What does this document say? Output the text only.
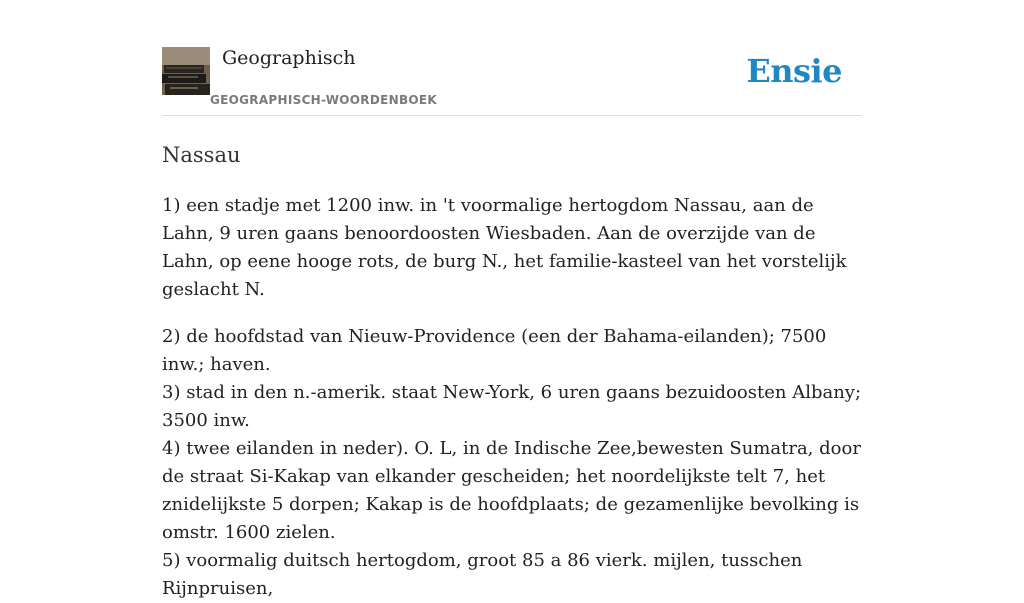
Geographisch
GEOGRAPHISCH-WOORDENBOEK
Ensie
Nassau

1) een stadje met 1200 inw. in 't voormalige hertogdom Nassau, aan de Lahn, 9 uren gaans benoordoosten Wiesbaden. Aan de overzijde van de Lahn, op eene hooge rots, de burg N., het familie-kasteel van het vorstelijk geslacht N.

2) de hoofdstad van Nieuw-Providence (een der Bahama-eilanden); 7500 inw.; haven.

3) stad in den n.-amerik. staat New-York, 6 uren gaans bezuidoosten Albany; 3500 inw.

4) twee eilanden in neder). O. L, in de Indische Zee,bewesten Sumatra, door de straat Si-Kakap van elkander gescheiden; het noordelijkste telt 7, het znidelijkste 5 dorpen; Kakap is de hoofdplaats; de gezamenlijke bevolking is omstr. 1600 zielen.

5) voormalig duitsch hertogdom, groot 85 a 86 vierk. mijlen, tusschen Rijnpruisen,
